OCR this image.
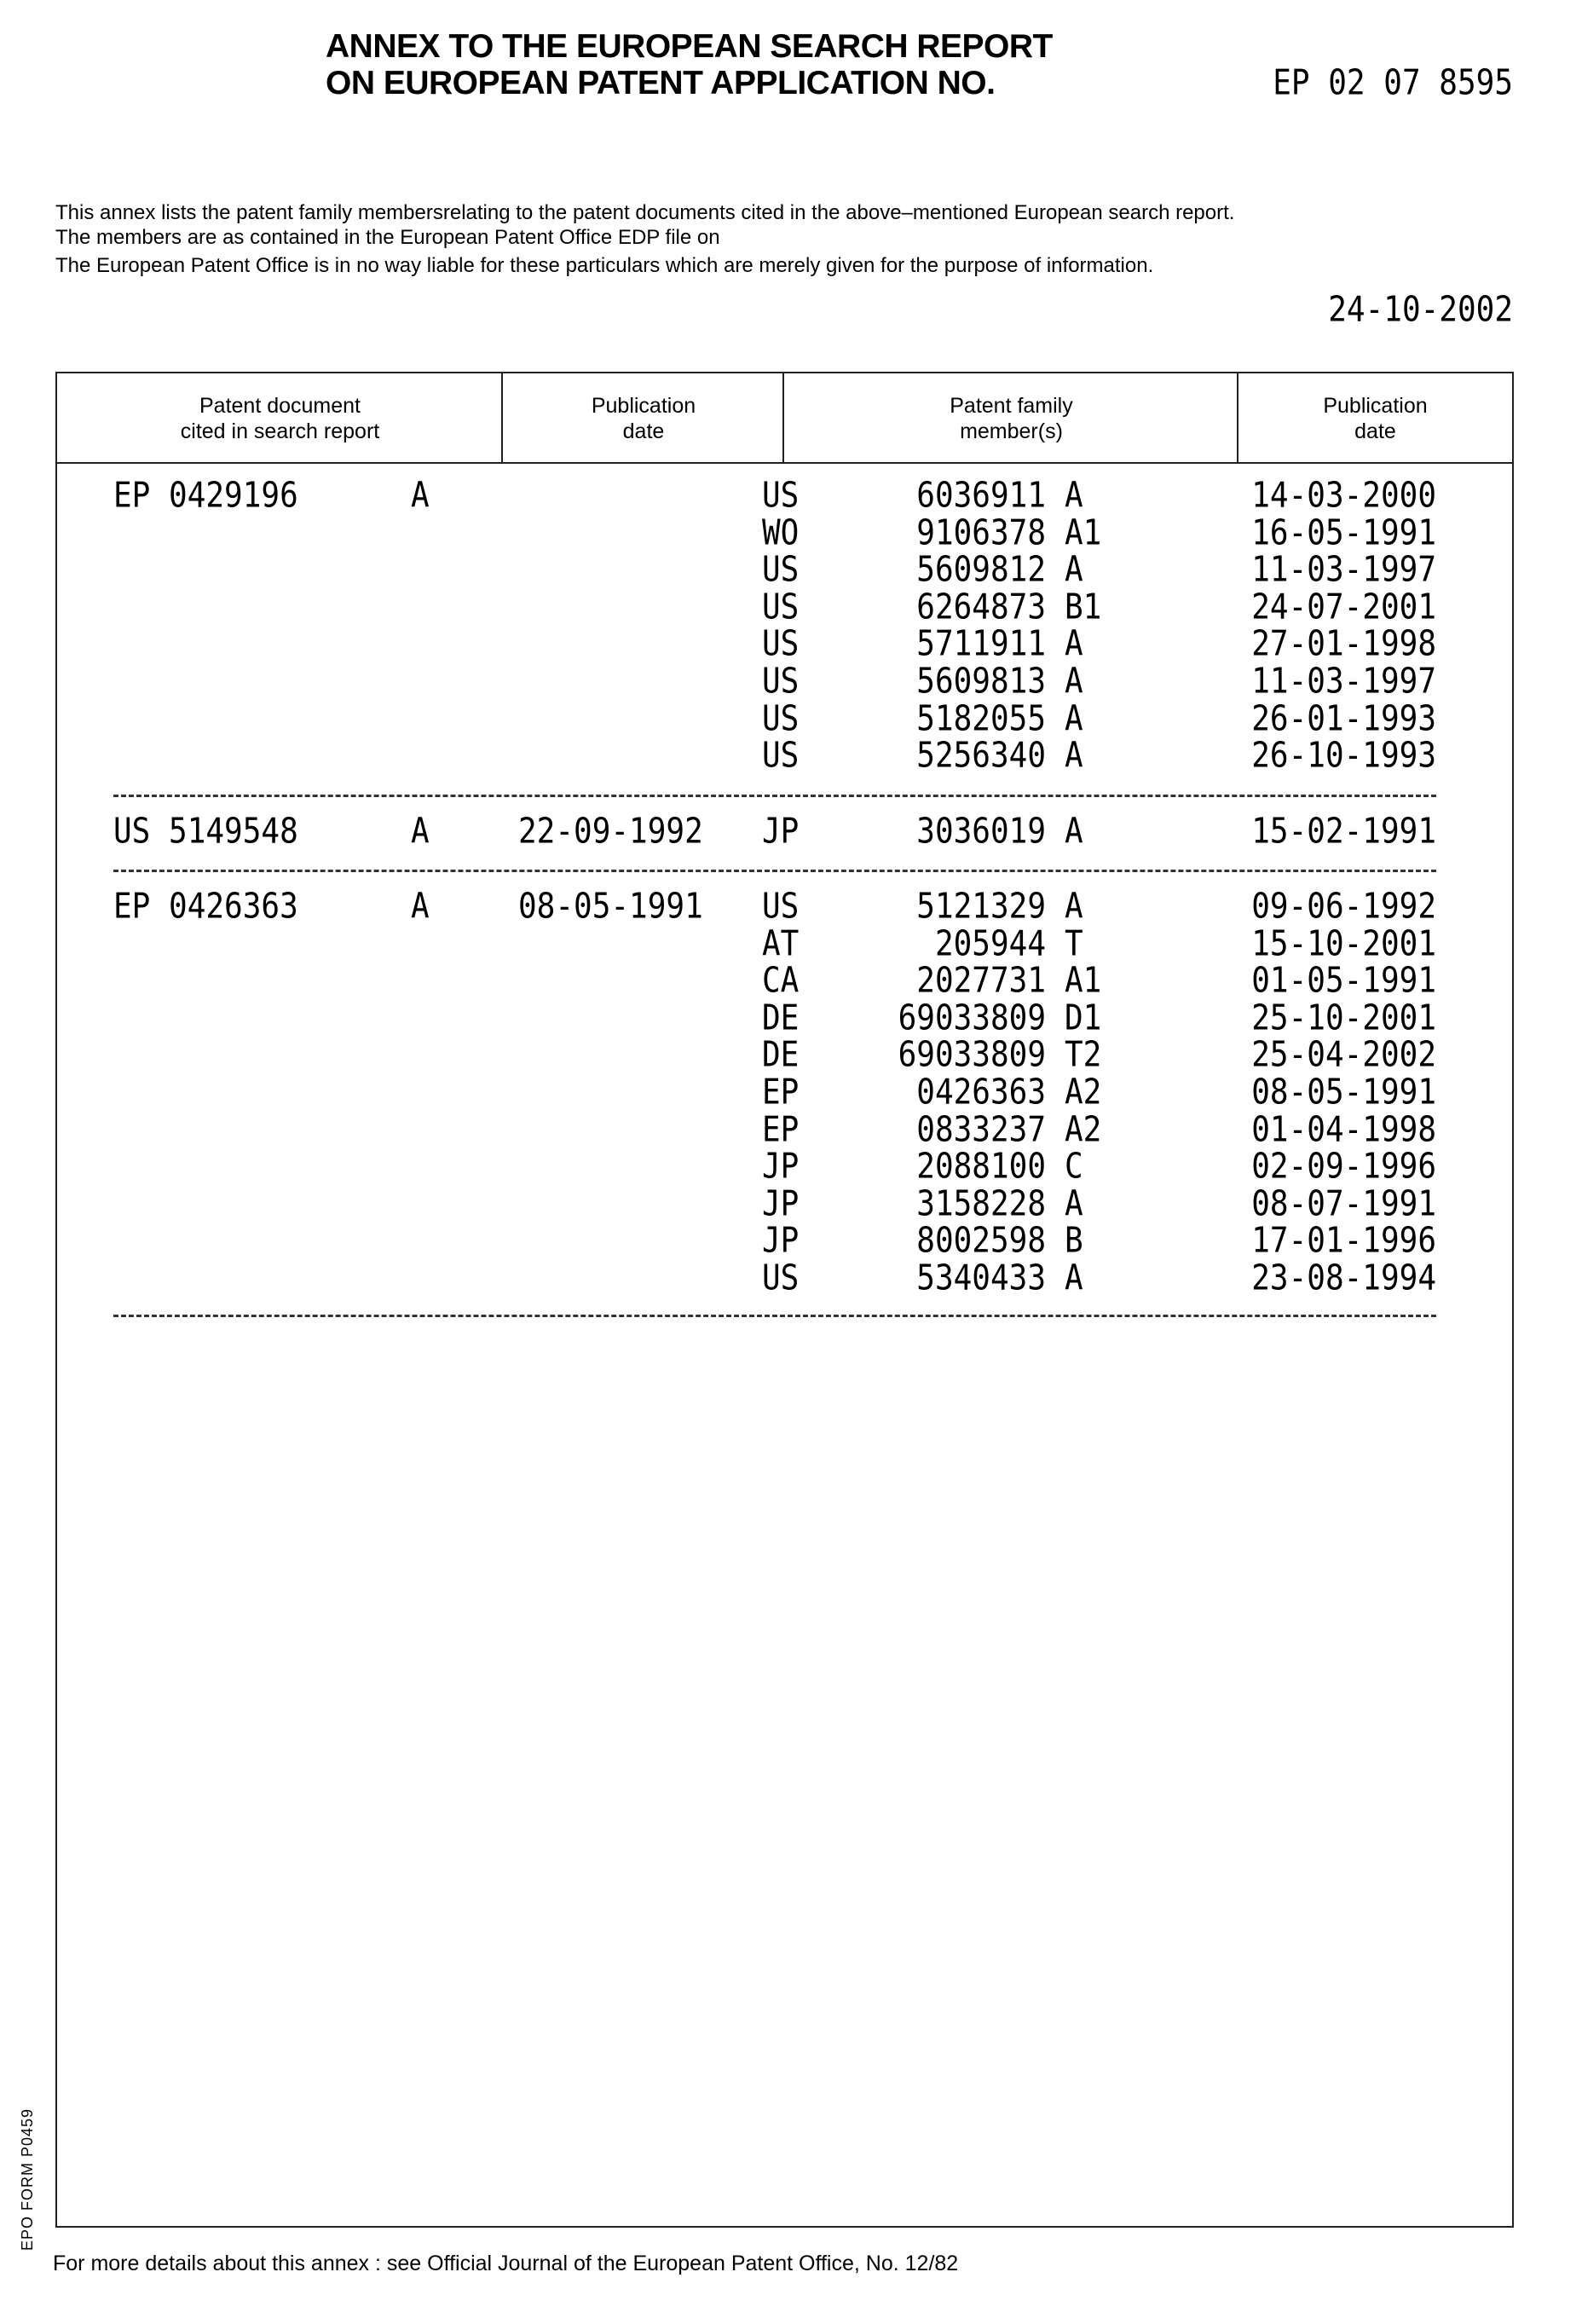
ANNEX TO THE EUROPEAN SEARCH REPORT
ON EUROPEAN PATENT APPLICATION NO.	EP 02 07 8595
This annex lists the patent family membersrelating to the patent documents cited in the above–mentioned European search report.
The members are as contained in the European Patent Office EDP file on
The European Patent Office is in no way liable for these particulars which are merely given for the purpose of information.
24-10-2002
Patent document
cited in search report
Publication
date
Patent family
member(s)
Publication
date
EP 0429196	A	US	6036911 A	14-03-2000
WO	9106378 A1	16-05-1991
US	5609812 A	11-03-1997
US	6264873 B1	24-07-2001
US	5711911 A	27-01-1998
US	5609813 A	11-03-1997
US	5182055 A	26-01-1993
US	5256340 A	26-10-1993
US 5149548	A	22-09-1992 JP	3036019 A	15-02-1991
EP 0426363	A	08-05-1991 US	5121329 A	09-06-1992
AT	205944 T	15-10-2001
CA	2027731 A1	01-05-1991
DE	69033809 D1	25-10-2001
DE	69033809 T2	25-04-2002
EP	0426363 A2	08-05-1991
EP	0833237 A2	01-04-1998
JP	2088100 C	02-09-1996
JP	3158228 A	08-07-1991
JP	8002598 B	17-01-1996
US	5340433 A	23-08-1994
EPO FORM P0459
For more details about this annex : see Official Journal of the European Patent Office, No. 12/82
